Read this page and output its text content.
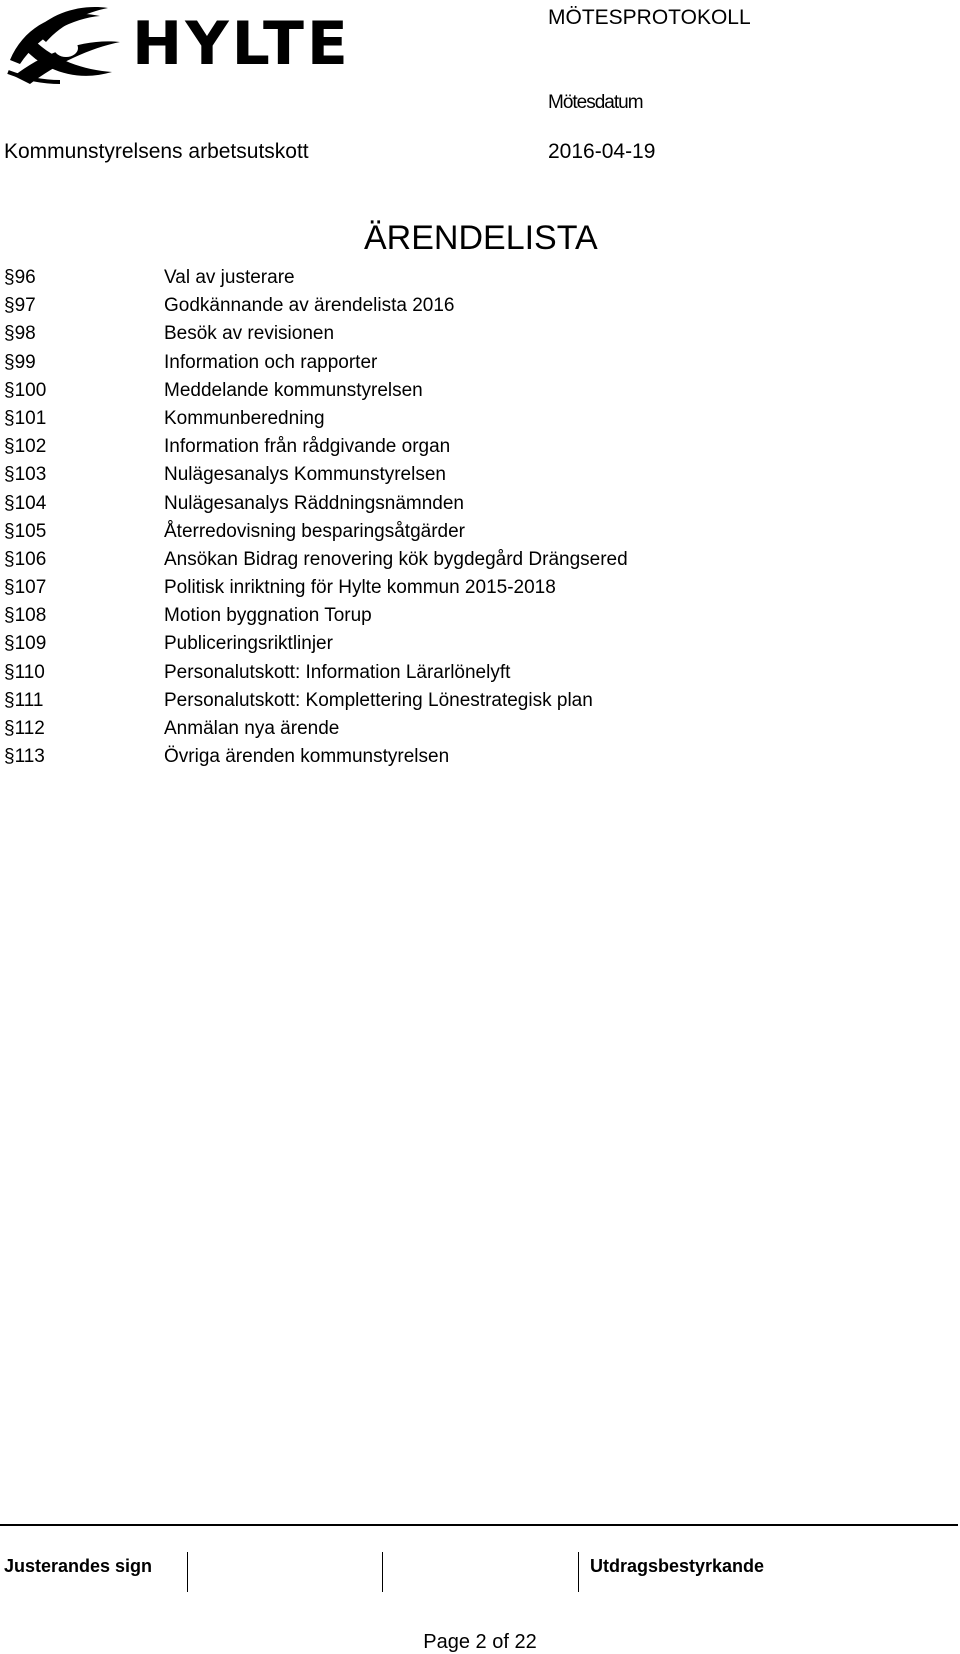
HYLTE	MÖTESPROTOKOLL
Mötesdatum
Kommunstyrelsens arbetsutskott	2016-04-19
ÄRENDELISTA
§96	Val av justerare
§97	Godkännande av ärendelista 2016
§98	Besök av revisionen
§99	Information och rapporter
§100	Meddelande kommunstyrelsen
§101	Kommunberedning
§102	Information från rådgivande organ
§103	Nulägesanalys Kommunstyrelsen
§104	Nulägesanalys Räddningsnämnden
§105	Återredovisning besparingsåtgärder
§106	Ansökan Bidrag renovering kök bygdegård Drängsered
§107	Politisk inriktning för Hylte kommun 2015-2018
§108	Motion byggnation Torup
§109	Publiceringsriktlinjer
§110	Personalutskott: Information Lärarlönelyft
§111	Personalutskott: Komplettering Lönestrategisk plan
§112	Anmälan nya ärende
§113	Övriga ärenden kommunstyrelsen
Justerandes sign	Utdragsbestyrkande
Page 2 of 22
